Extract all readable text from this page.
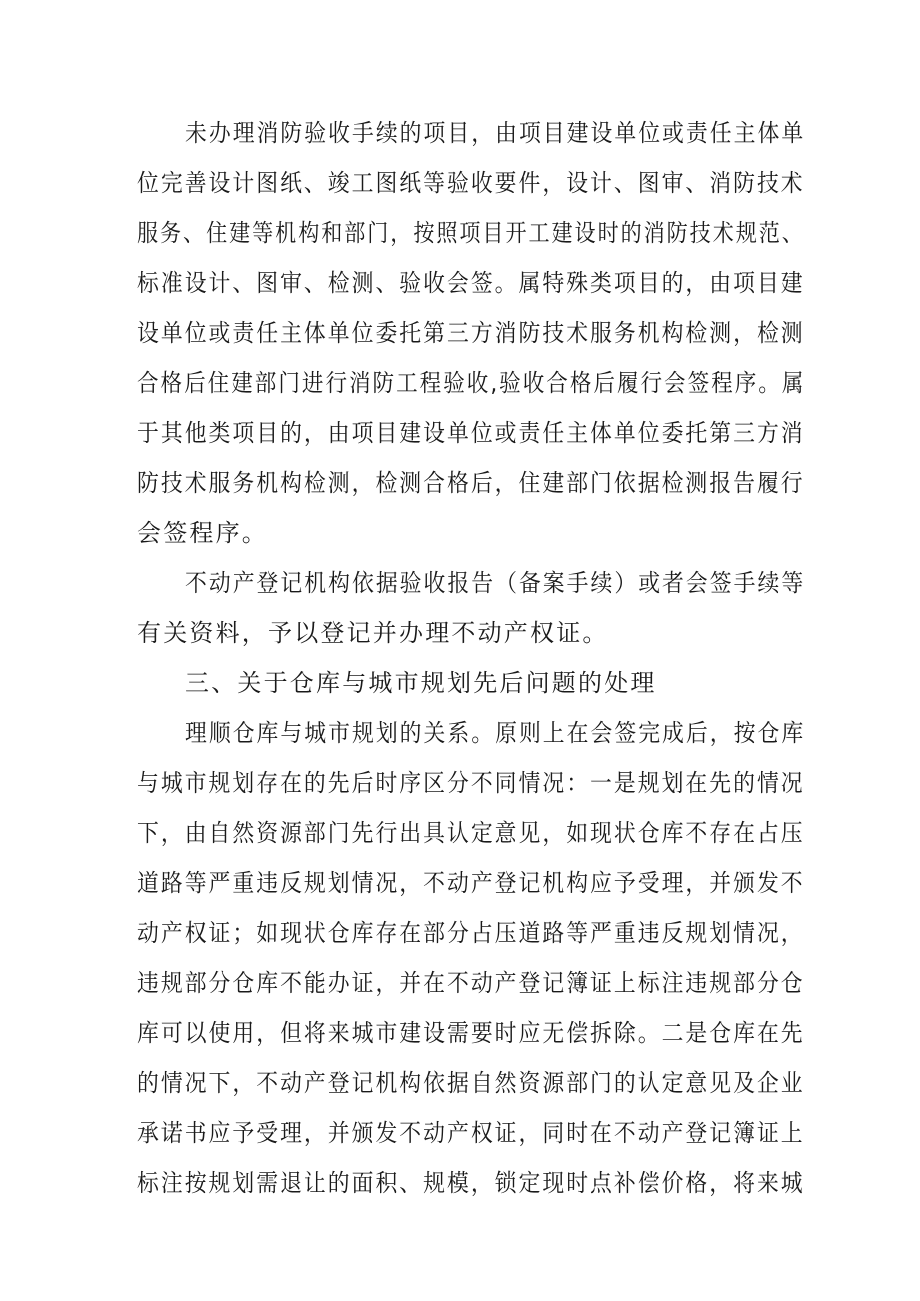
未办理消防验收手续的项目，由项目建设单位或责任主体单
位完善设计图纸、竣工图纸等验收要件，设计、图审、消防技术
服务、住建等机构和部门，按照项目开工建设时的消防技术规范、
标准设计、图审、检测、验收会签。属特殊类项目的，由项目建
设单位或责任主体单位委托第三方消防技术服务机构检测，检测
合格后住建部门进行消防工程验收,验收合格后履行会签程序。属
于其他类项目的，由项目建设单位或责任主体单位委托第三方消
防技术服务机构检测，检测合格后，住建部门依据检测报告履行
会签程序。
不动产登记机构依据验收报告（备案手续）或者会签手续等
有关资料，予以登记并办理不动产权证。
三、关于仓库与城市规划先后问题的处理
理顺仓库与城市规划的关系。原则上在会签完成后，按仓库
与城市规划存在的先后时序区分不同情况：一是规划在先的情况
下，由自然资源部门先行出具认定意见，如现状仓库不存在占压
道路等严重违反规划情况，不动产登记机构应予受理，并颁发不
动产权证；如现状仓库存在部分占压道路等严重违反规划情况，
违规部分仓库不能办证，并在不动产登记簿证上标注违规部分仓
库可以使用，但将来城市建设需要时应无偿拆除。二是仓库在先
的情况下，不动产登记机构依据自然资源部门的认定意见及企业
承诺书应予受理，并颁发不动产权证，同时在不动产登记簿证上
标注按规划需退让的面积、规模，锁定现时点补偿价格，将来城
